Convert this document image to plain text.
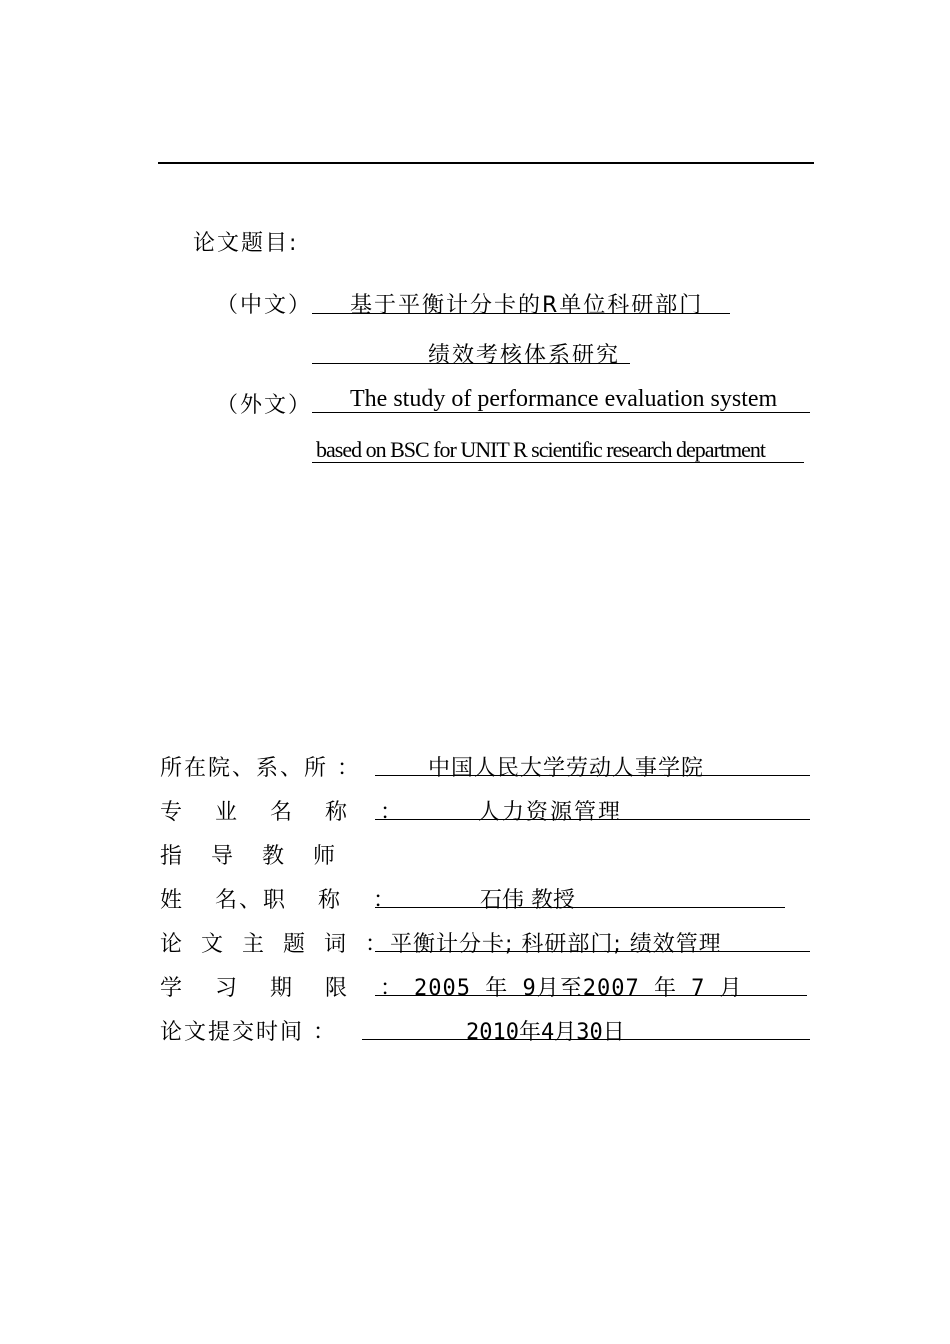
论文题目:
（中文） 基于平衡计分卡的R单位科研部门
绩效考核体系研究
（外文） The study of performance evaluation system
based on BSC for UNIT R scientific research department
所在院、系、所 ：	中国人民大学劳动人事学院
专 业 名 称 ：	人力资源管理
指 导 教 师
姓 名、职 称 ：	石伟 教授
论 文 主 题 词 ： 平衡计分卡; 科研部门; 绩效管理
学 习 期 限 ： 2005 年 9月至2007 年 7 月
论文提交时间 ：	2010年4月30日
